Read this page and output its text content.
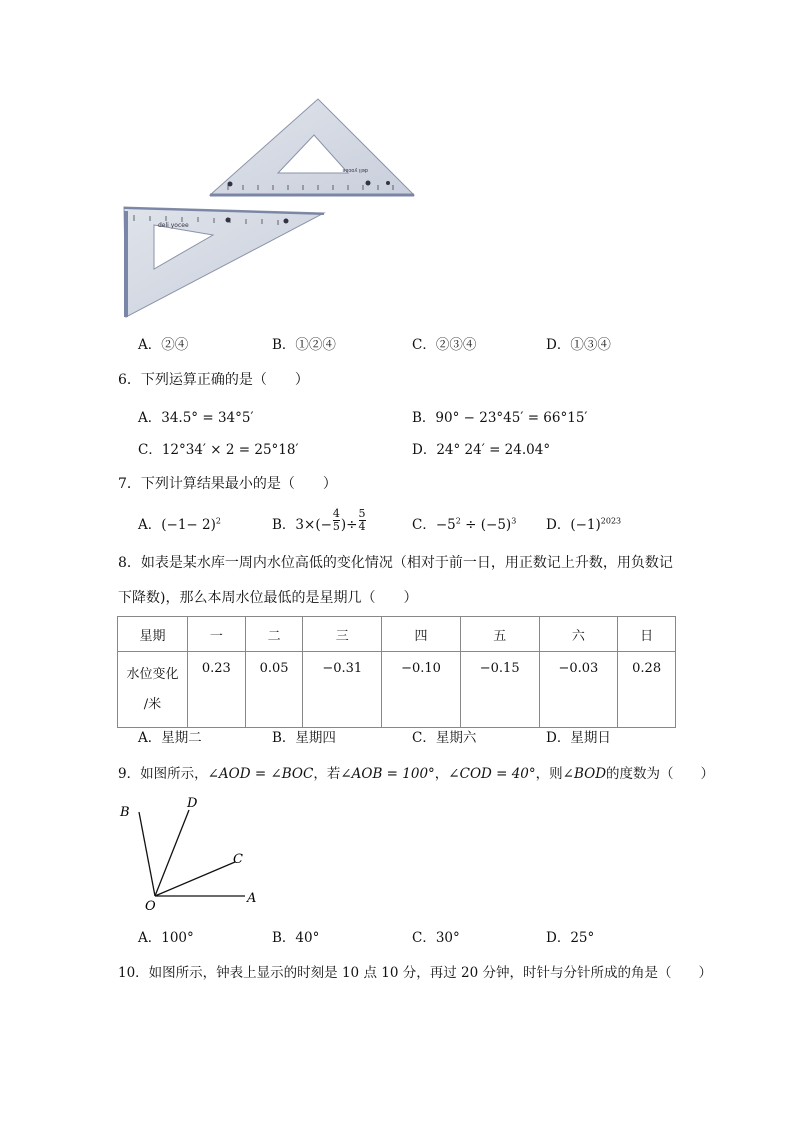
deli yocee
deli yocee
A．②④	B．①②④	C．②③④	D．①③④
6．下列运算正确的是（　　）
A．34.5° = 34°5′	B．90° − 23°45′ = 66°15′
C．12°34′ × 2 = 25°18′	D．24° 24′ = 24.04°
7．下列计算结果最小的是（　　）
A．$(-1- 2)^2$	B．$3\times(- \frac{4}{5}$ )÷ $\frac{5}{4}$	C．$-5^2 \div (-5)^3$ D．$(-1)^{2023}$
8．如表是某水库一周内水位高低的变化情况（相对于前一日，用正数记上升数，用负数记
下降数)，那么本周水位最低的是星期几（　　）
星期	一	二	三	四	五	六	日

水位变化
/米	0.23	0.05	−0.31	−0.10	−0.15	−0.03	0.28
A．星期二	B．星期四	C．星期六	D．星期日
9．如图所示，∠AOD = ∠BOC，若∠AOB = 100°，∠COD = 40°，则∠BOD的度数为（　　）
B
D
C
O
A
A．100°	B．40°	C．30°	D．25°
10．如图所示，钟表上显示的时刻是 10 点 10 分，再过 20 分钟，时针与分针所成的角是（　　）
